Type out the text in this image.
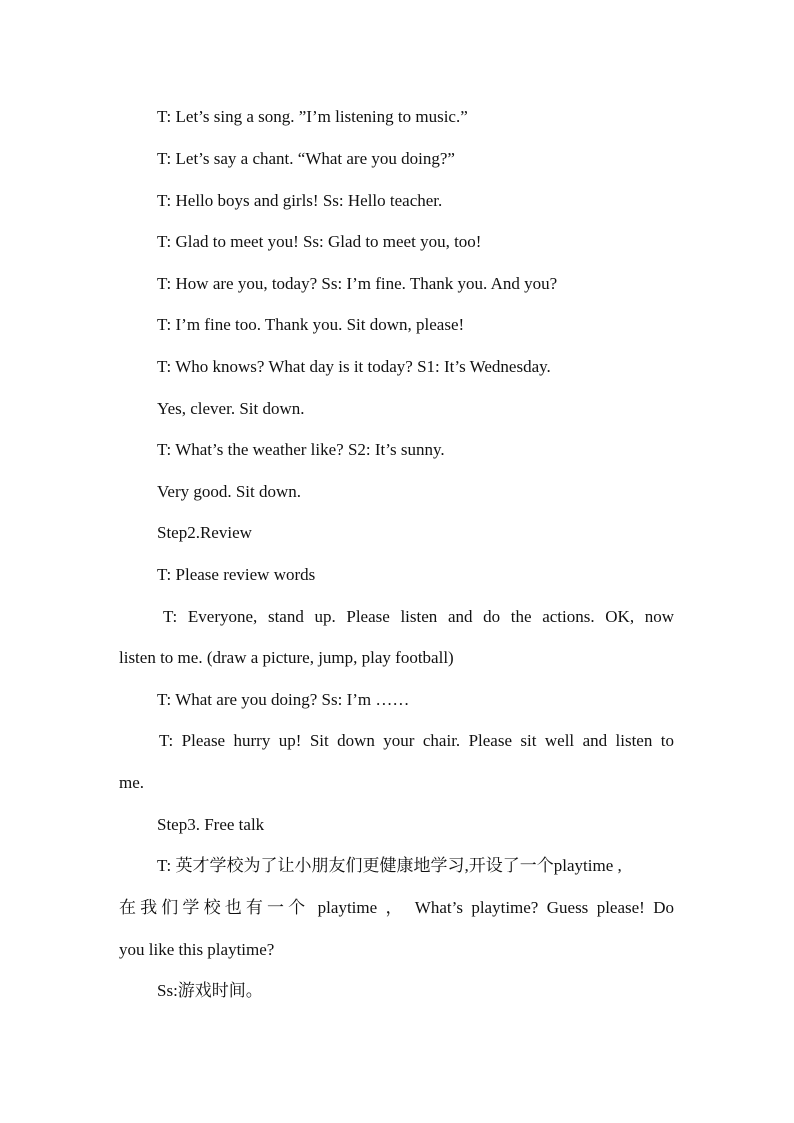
T: Let’s sing a song. ”I’m listening to music.”
T: Let’s say a chant. “What are you doing?”
T: Hello boys and girls! Ss: Hello teacher.
T: Glad to meet you! Ss: Glad to meet you, too!
T: How are you, today? Ss: I’m fine. Thank you. And you?
T: I’m fine too. Thank you. Sit down, please!
T: Who knows? What day is it today? S1: It’s Wednesday.
Yes, clever. Sit down.
T: What’s the weather like? S2: It’s sunny.
Very good. Sit down.
Step2.Review
T: Please review words
T: Everyone, stand up. Please listen and do the actions. OK, now
listen to me. (draw a picture, jump, play football)
T: What are you doing? Ss: I’m ……
T: Please hurry up! Sit down your chair. Please sit well and listen to
me.
Step3. Free talk
T: 英才学校为了让小朋友们更健康地学习,开设了一个playtime ,
在我们学校也有一个 playtime ， What’s playtime? Guess please! Do
you like this playtime?
Ss:游戏时间。
